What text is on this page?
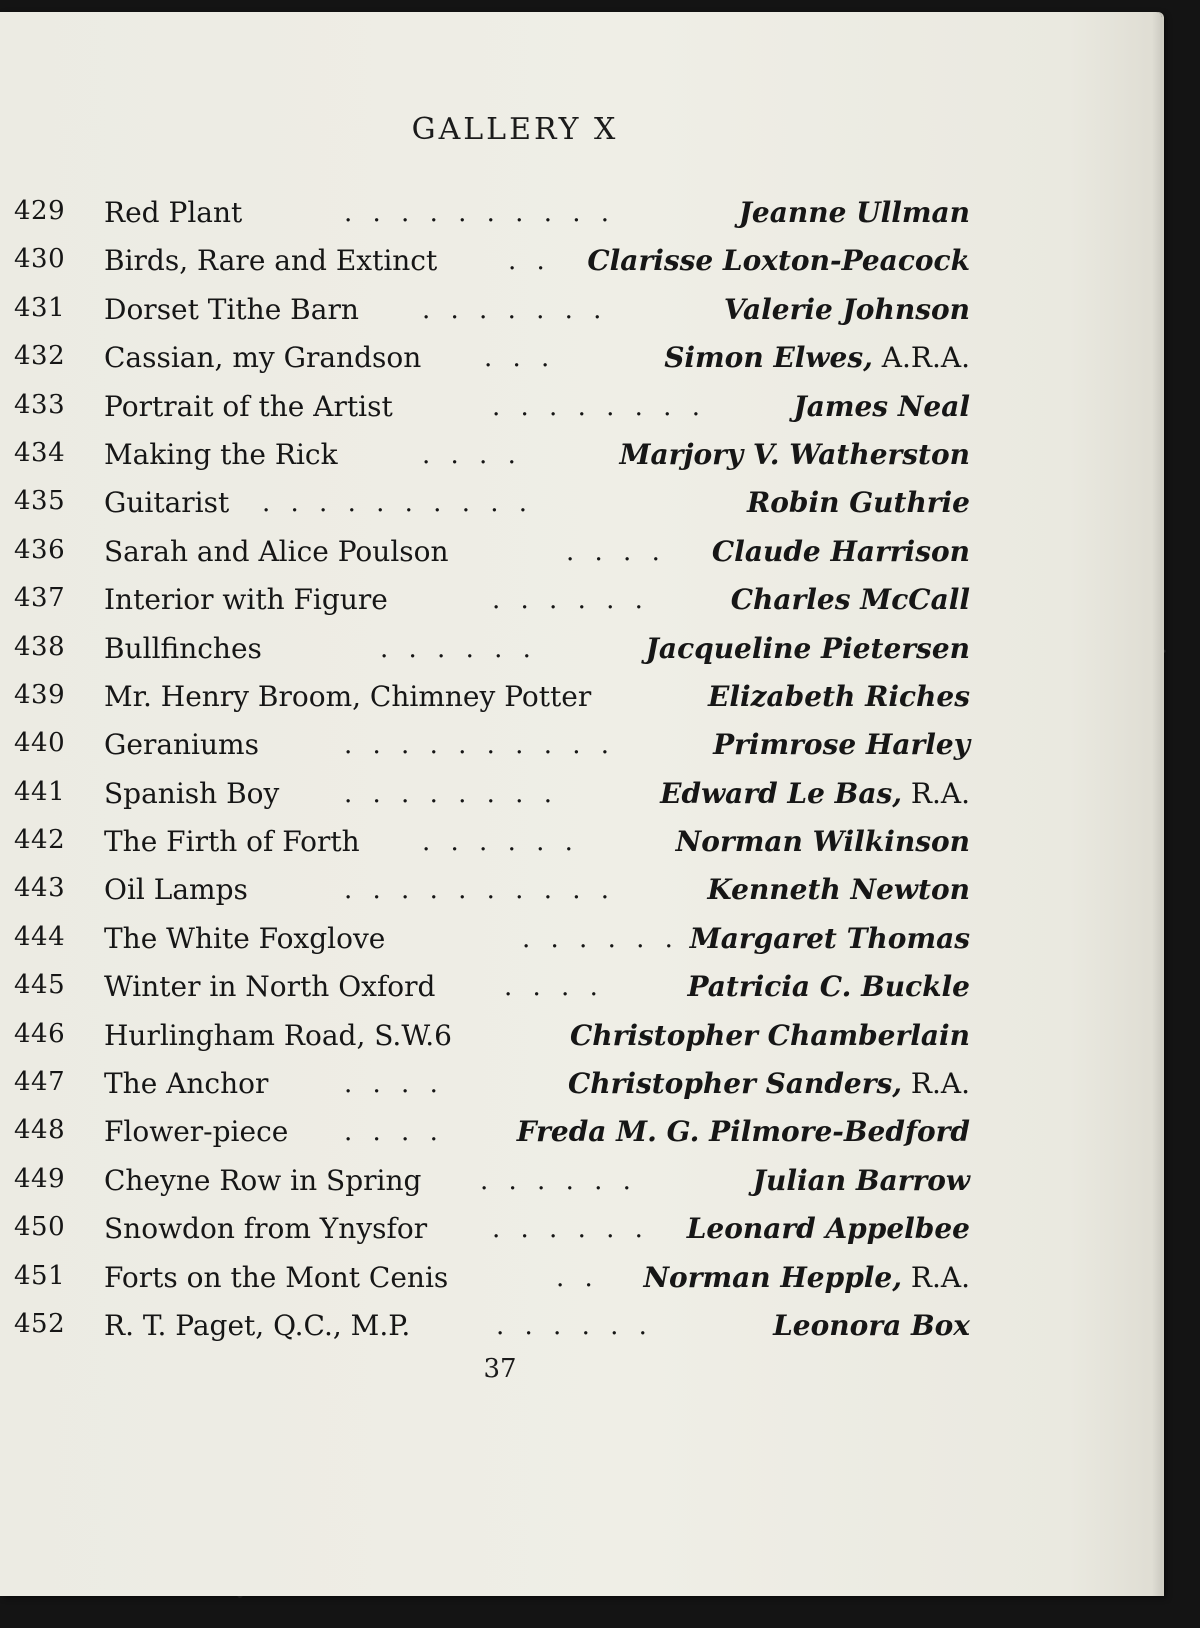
GALLERY X
429	Red Plant	. . . . . . . . . .	Jeanne Ullman
430	Birds, Rare and Extinct	. . Clarisse Loxton-Peacock
431	Dorset Tithe Barn . . . . . . .	Valerie Johnson
432	Cassian, my Grandson . . .	Simon Elwes, A.R.A.
433	Portrait of the Artist	. . . . . . . .	James Neal
434	Making the Rick	. . . .	Marjory V. Watherston
435	Guitarist . . . . . . . . . .	Robin Guthrie
436	Sarah and Alice Poulson	. . . . Claude Harrison
437	Interior with Figure	. . . . . .	Charles McCall
438	Bullfinches	. . . . . .	Jacqueline Pietersen
439	Mr. Henry Broom, Chimney Potter	Elizabeth Riches
440	Geraniums	. . . . . . . . . .	Primrose Harley
441	Spanish Boy . . . . . . . .	Edward Le Bas, R.A.
442	The Firth of Forth . . . . . .	Norman Wilkinson
443	Oil Lamps	. . . . . . . . . .	Kenneth Newton
444	The White Foxglove	. . . . . . Margaret Thomas
445	Winter in North Oxford	. . . .	Patricia C. Buckle
446	Hurlingham Road, S.W.6	Christopher Chamberlain
447	The Anchor	. . . .	Christopher Sanders, R.A.
448	Flower-piece . . . .	Freda M. G. Pilmore-Bedford
449	Cheyne Row in Spring . . . . . .	Julian Barrow
450	Snowdon from Ynysfor . . . . . . Leonard Appelbee
451	Forts on the Mont Cenis	. . Norman Hepple, R.A.
452	R. T. Paget, Q.C., M.P.	. . . . . .	Leonora Box
37
